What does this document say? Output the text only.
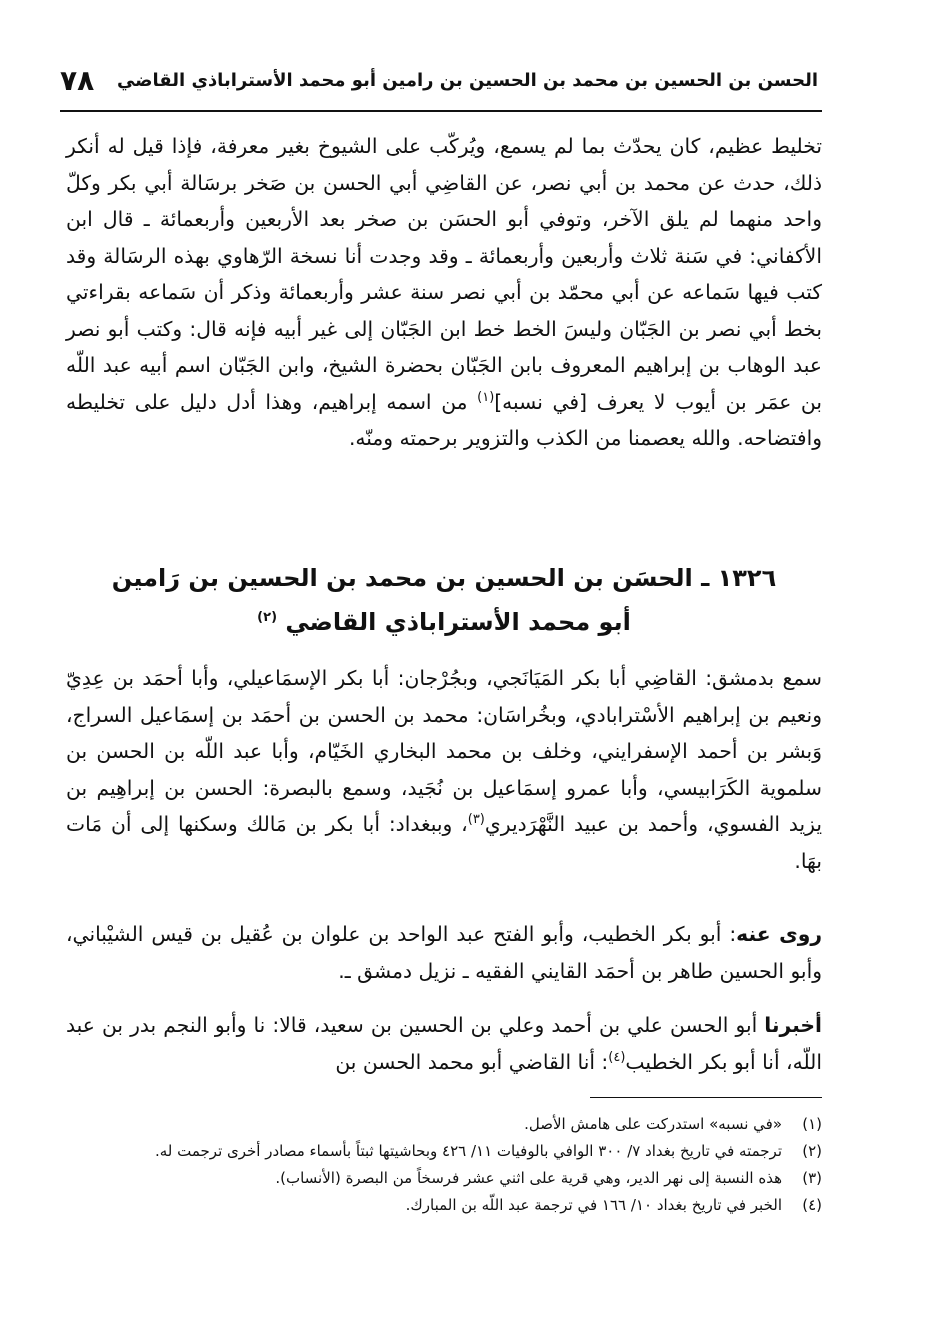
الحسن بن الحسين بن محمد بن الحسين بن رامين أبو محمد الأستراباذي القاضي
٧٨

تخليط عظيم، كان يحدّث بما لم يسمع، ويُركّب على الشيوخ بغير معرفة، فإذا قيل له أنكر ذلك، حدث عن محمد بن أبي نصر، عن القاضِي أبي الحسن بن صَخر برسَالة أبي بكر وكلّ واحد منهما لم يلق الآخر، وتوفي أبو الحسَن بن صخر بعد الأربعين وأربعمائة ـ قال ابن الأكفاني: في سَنة ثلاث وأربعين وأربعمائة ـ وقد وجدت أنا نسخة الرّهاوي بهذه الرسَالة وقد كتب فيها سَماعه عن أبي محمّد بن أبي نصر سنة عشر وأربعمائة وذكر أن سَماعه بقراءتي بخط أبي نصر بن الجَبّان وليسَ الخط خط ابن الجَبّان إلى غير أبيه فإنه قال: وكتب أبو نصر عبد الوهاب بن إبراهيم المعروف بابن الجَبّان بحضرة الشيخ، وابن الجَبّان اسم أبيه عبد اللّه بن عمَر بن أيوب لا يعرف [في نسبه]$^{(١)}$ من اسمه إبراهيم، وهذا أدل دليل على تخليطه وافتضاحه. والله يعصمنا من الكذب والتزوير برحمته ومنّه.

١٣٢٦ ـ الحسَن بن الحسين بن محمد بن الحسين بن رَامين
أبو محمد الأستراباذي القاضي $^{(٢)}$

سمع بدمشق: القاضِي أبا بكر المَيَانَجي، وبجُرْجان: أبا بكر الإسمَاعيلي، وأبا أحمَد بن عِدِيّ ونعيم بن إبراهيم الأسْترابادي، وبخُراسَان: محمد بن الحسن بن أحمَد بن إسمَاعيل السراج، وَبشر بن أحمد الإسفرايني، وخلف بن محمد البخاري الخَيّام، وأبا عبد اللّه بن الحسن بن سلموية الكَرَابيسي، وأبا عمرو إسمَاعيل بن نُجَيد، وسمع بالبصرة: الحسن بن إبراهِيم بن يزيد الفسوي، وأحمد بن عبيد النَّهْرَديري$^{(٣)}$، وببغداد: أبا بكر بن مَالك وسكنها إلى أن مَات بهَا.

روى عنه: أبو بكر الخطيب، وأبو الفتح عبد الواحد بن علوان بن عُقيل بن قيس الشيْباني، وأبو الحسين طاهر بن أحمَد القايني الفقيه ـ نزيل دمشق ـ.

أخبرنا أبو الحسن علي بن أحمد وعلي بن الحسين بن سعيد، قالا: نا وأبو النجم بدر بن عبد اللّه، أنا أبو بكر الخطيب$^{(٤)}$: أنا القاضي أبو محمد الحسن بن

(١)
«في نسبه» استدركت على هامش الأصل.
(٢)
ترجمته في تاريخ بغداد ٧/ ٣٠٠ الوافي بالوفيات ١١/ ٤٢٦ وبحاشيتها ثبتاً بأسماء مصادر أخرى ترجمت له.
(٣)
هذه النسبة إلى نهر الدير، وهي قرية على اثني عشر فرسخاً من البصرة (الأنساب).
(٤)
الخبر في تاريخ بغداد ١٠/ ١٦٦ في ترجمة عبد اللّه بن المبارك.
